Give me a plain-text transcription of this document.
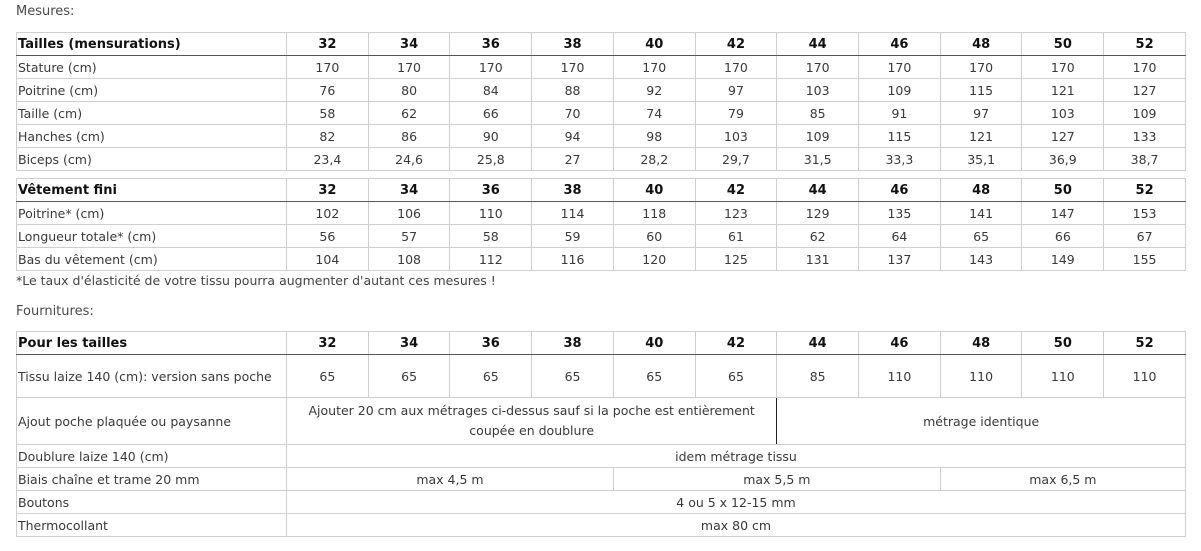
Mesures:
Tailles (mensurations)	32	34	36	38	40	42	44	46	48	50	52
Stature (cm)	170	170	170	170	170	170	170	170	170	170	170
Poitrine (cm)	76	80	84	88	92	97	103	109	115	121	127
Taille (cm)	58	62	66	70	74	79	85	91	97	103	109
Hanches (cm)	82	86	90	94	98	103	109	115	121	127	133
Biceps (cm)	23,4	24,6	25,8	27	28,2	29,7	31,5	33,3	35,1	36,9	38,7
Vêtement fini	32	34	36	38	40	42	44	46	48	50	52
Poitrine* (cm)	102	106	110	114	118	123	129	135	141	147	153
Longueur totale* (cm)	56	57	58	59	60	61	62	64	65	66	67
Bas du vêtement (cm)	104	108	112	116	120	125	131	137	143	149	155
*Le taux d'élasticité de votre tissu pourra augmenter d'autant ces mesures !
Fournitures:
Pour les tailles	32	34	36	38	40	42	44	46	48	50	52
Tissu laize 140 (cm): version sans poche	65	65	65	65	65	65	85	110	110	110	110
Ajout poche plaquée ou paysanne	Ajouter 20 cm aux métrages ci-dessus sauf si la poche est entièrement coupée en doublure						métrage identique				
Doublure laize 140 (cm)	idem métrage tissu										
Biais chaîne et trame 20 mm	max 4,5 m				max 5,5 m				max 6,5 m		
Boutons	4 ou 5 x 12-15 mm										
Thermocollant	max 80 cm										
